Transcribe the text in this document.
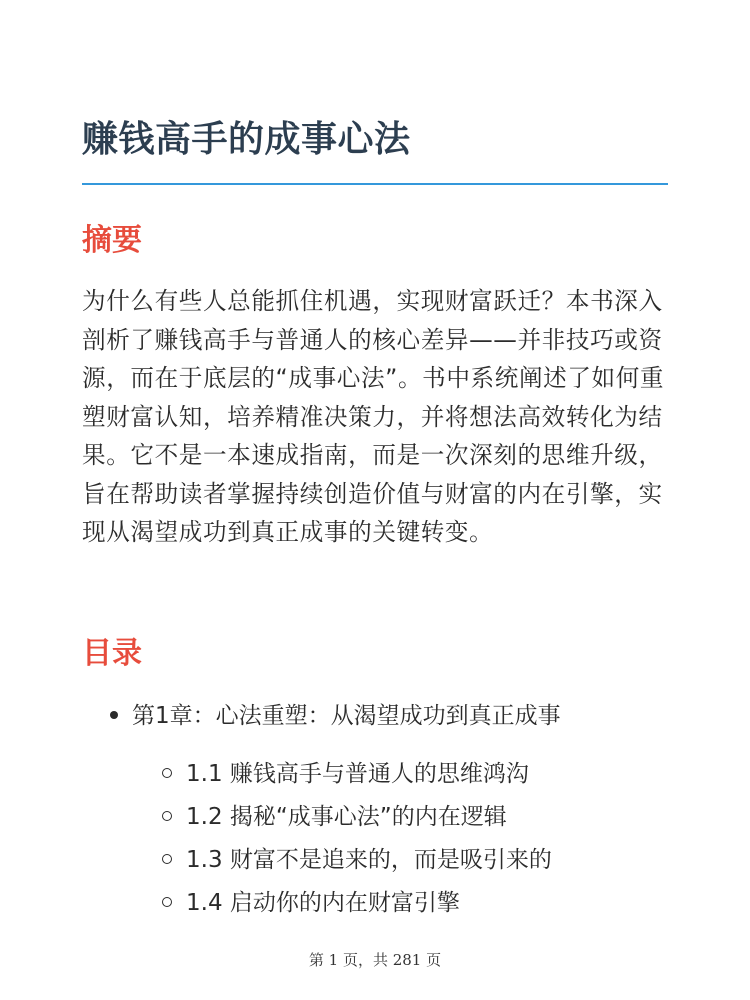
赚钱高手的成事心法
摘要

为什么有些人总能抓住机遇，实现财富跃迁？本书深入剖析了赚钱高手与普通人的核心差异——并非技巧或资源，而在于底层的“成事心法”。书中系统阐述了如何重塑财富认知，培养精准决策力，并将想法高效转化为结果。它不是一本速成指南，而是一次深刻的思维升级，旨在帮助读者掌握持续创造价值与财富的内在引擎，实现从渴望成功到真正成事的关键转变。

目录
第1章：心法重塑：从渴望成功到真正成事
1.1 赚钱高手与普通人的思维鸿沟
1.2 揭秘“成事心法”的内在逻辑
1.3 财富不是追来的，而是吸引来的
1.4 启动你的内在财富引擎
第 1 页，共 281 页
